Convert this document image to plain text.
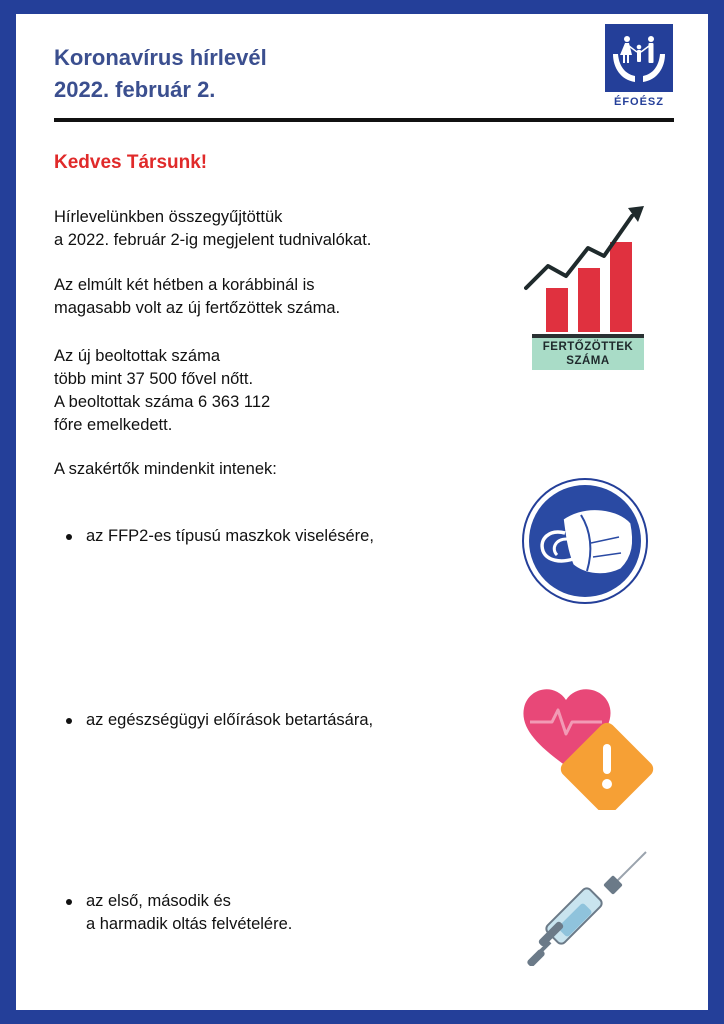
Koronavírus hírlevél
2022. február 2.	ÉFOÉSZ

Kedves Társunk!

Hírlevelünkben összegyűjtöttük
a 2022. február 2-ig megjelent tudnivalókat.

Az elmúlt két hétben a korábbinál is
magasabb volt az új fertőzöttek száma.

Az új beoltottak száma
több mint 37 500 fővel nőtt.
A beoltottak száma 6 363 112
főre emelkedett.

A szakértők mindenkit intenek:

az FFP2-es típusú maszkok viselésére,
az egészségügyi előírások betartására,
az első, második és
a harmadik oltás felvételére.
FERTŐZÖTTEK
SZÁMA
